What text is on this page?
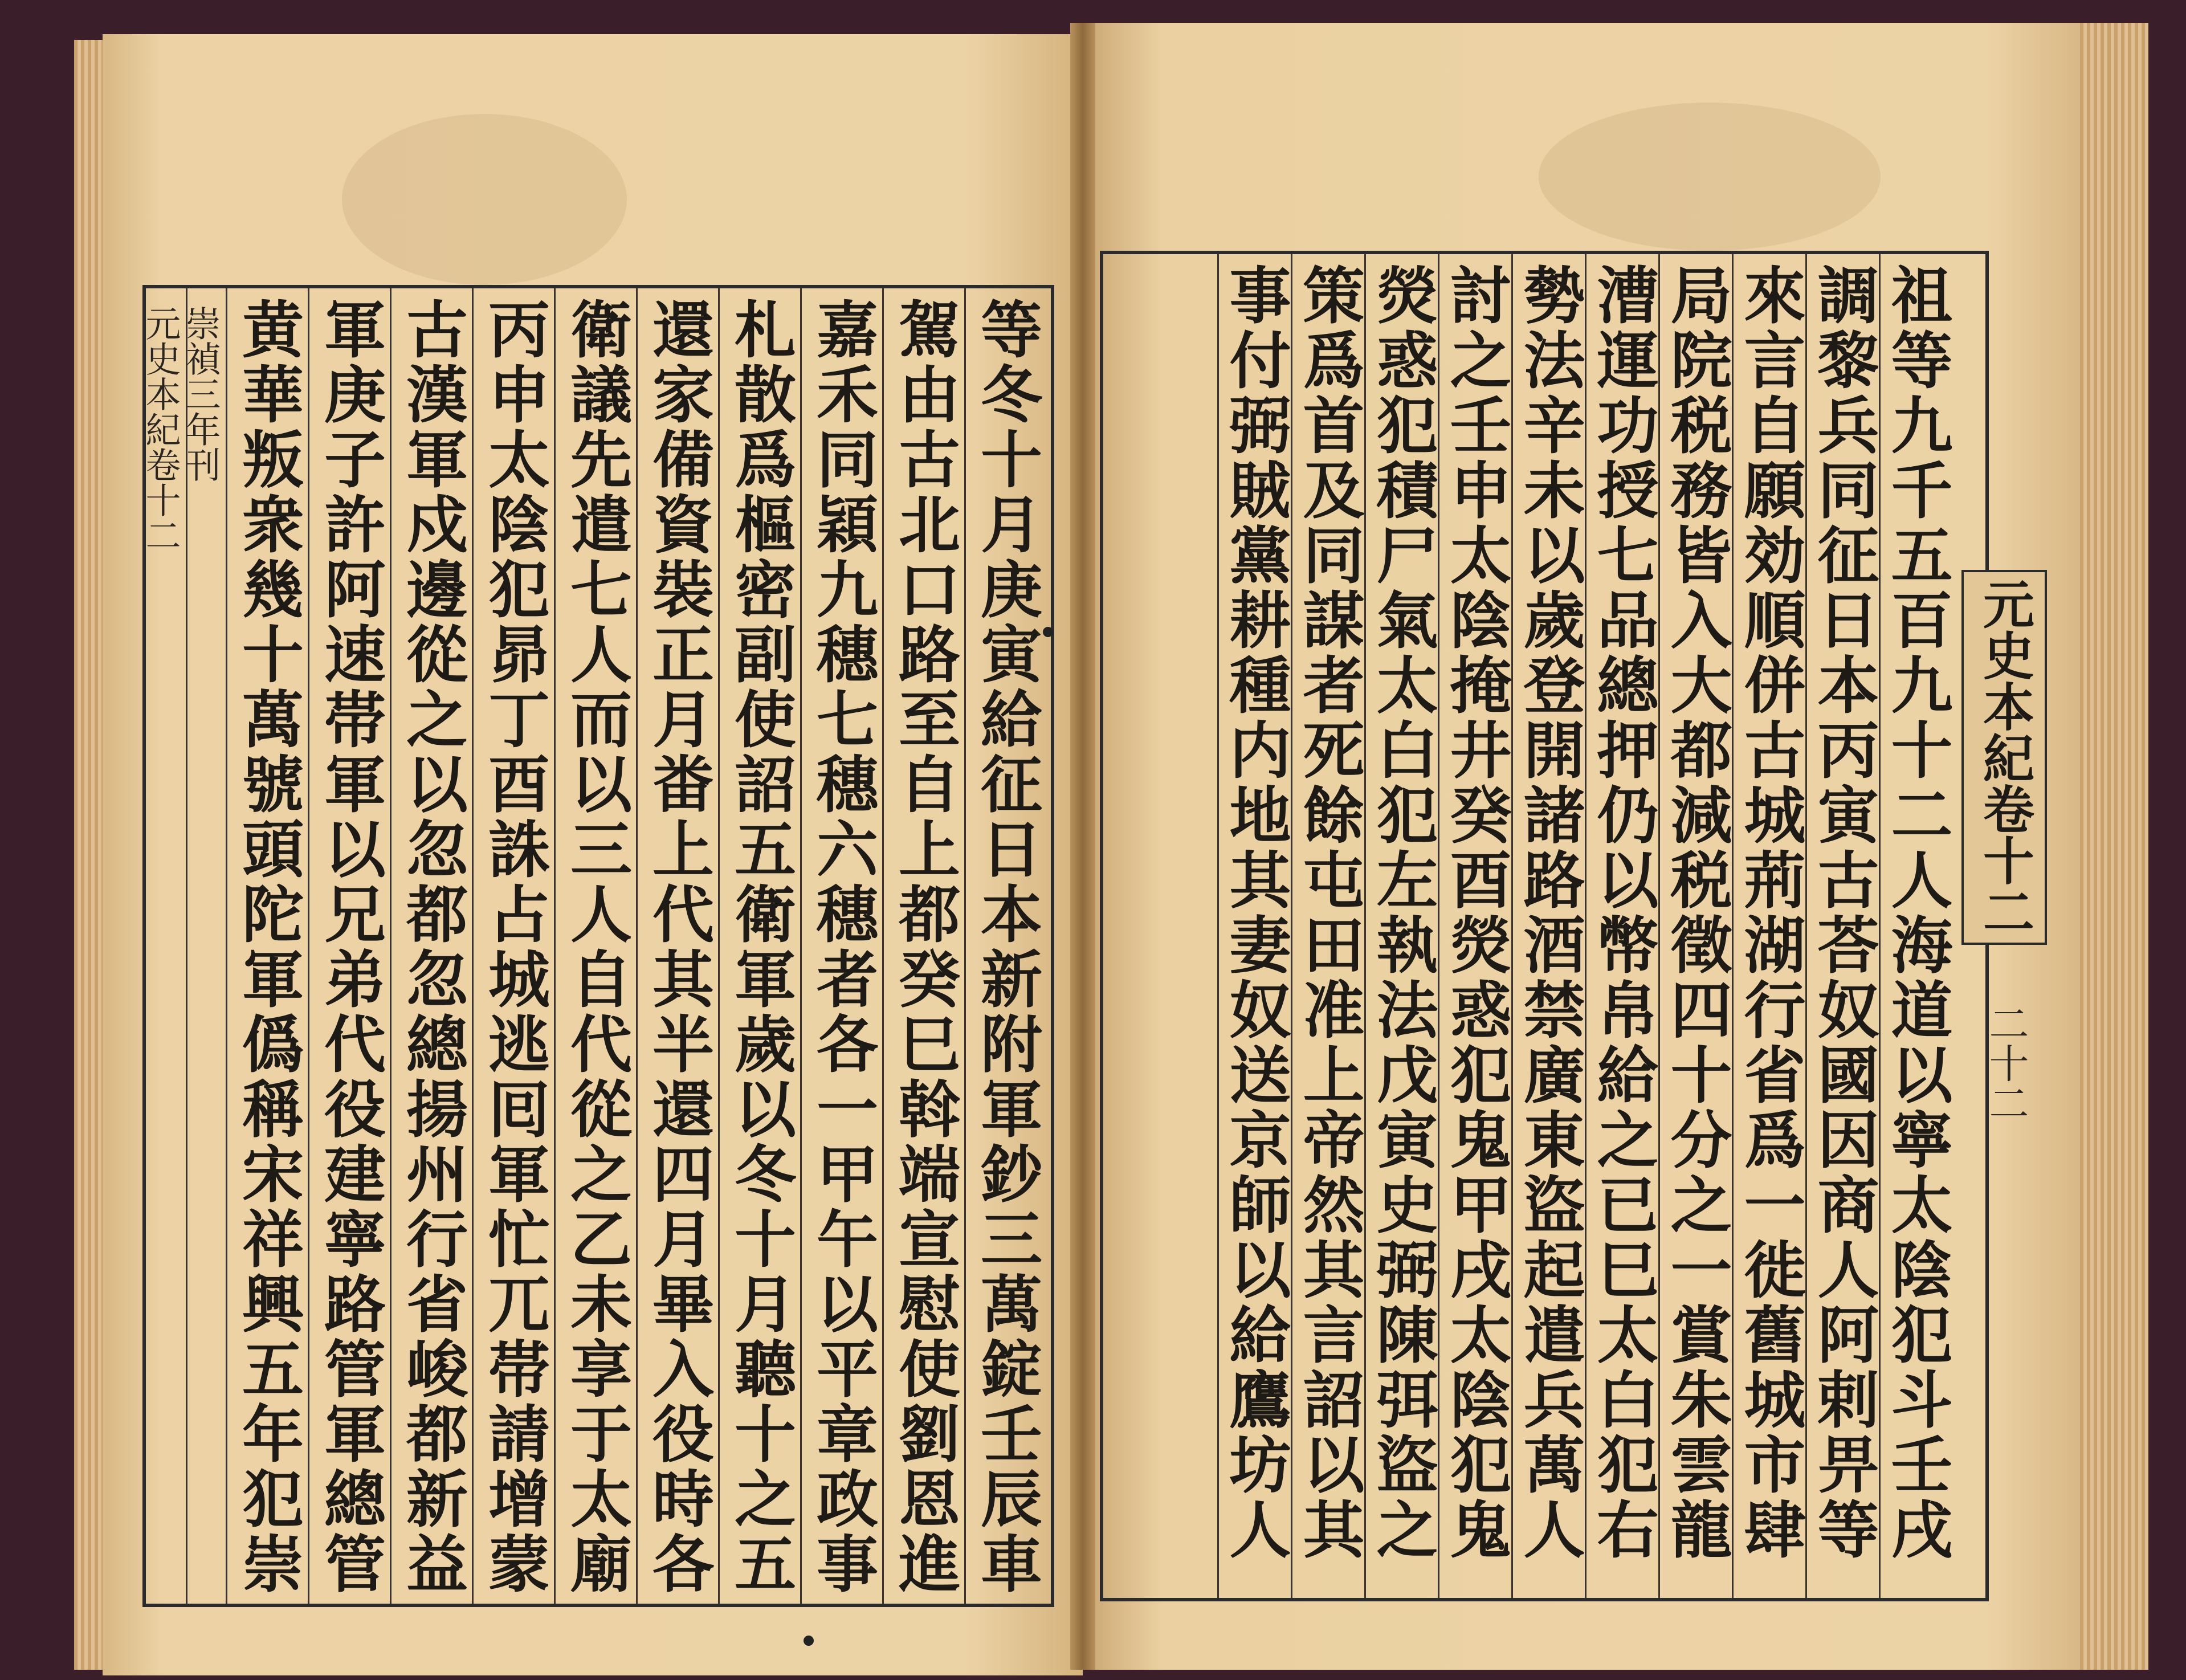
等冬十月庚寅給征日本新附軍鈔三萬錠壬辰車
駕由古北口路至自上都癸巳斡端宣慰使劉恩進
嘉禾同穎九穗七穗六穗者各一甲午以平章政事
札散爲樞密副使詔五衛軍歲以冬十月聽十之五
還家備資裝正月畨上代其半還四月畢入役時各
衛議先遣七人而以三人自代從之乙未享于太廟
丙申太陰犯昴丁酉誅占城逃囘軍忙兀帯請增蒙
古漢軍戍邊從之以忽都忽總揚州行省峻都新益
軍庚子許阿速帯軍以兄弟代役建寧路管軍總管
黄華叛衆幾十萬號頭陀軍僞稱宋祥興五年犯崇
崇禎三年刊
元史本紀卷十二	祖等九千五百九十二人海道以寧太陰犯斗壬戌
調黎兵同征日本丙寅古荅奴國因商人阿剌畀等
來言自願効順併古城荊湖行省爲一徙舊城市肆
局院税務皆入大都減税徵四十分之一賞朱雲龍
漕運功授七品總押仍以幣帛給之已巳太白犯右
勢法辛未以歲登開諸路酒禁廣東盜起遣兵萬人
討之壬申太陰掩井癸酉熒惑犯鬼甲戌太陰犯鬼
熒惑犯積尸氣太白犯左執法戊寅史弼陳弭盜之
策爲首及同謀者死餘屯田准上帝然其言詔以其
事付弼賊黨耕種内地其妻奴送京師以給鷹坊人	元史本紀卷十二
二十二
